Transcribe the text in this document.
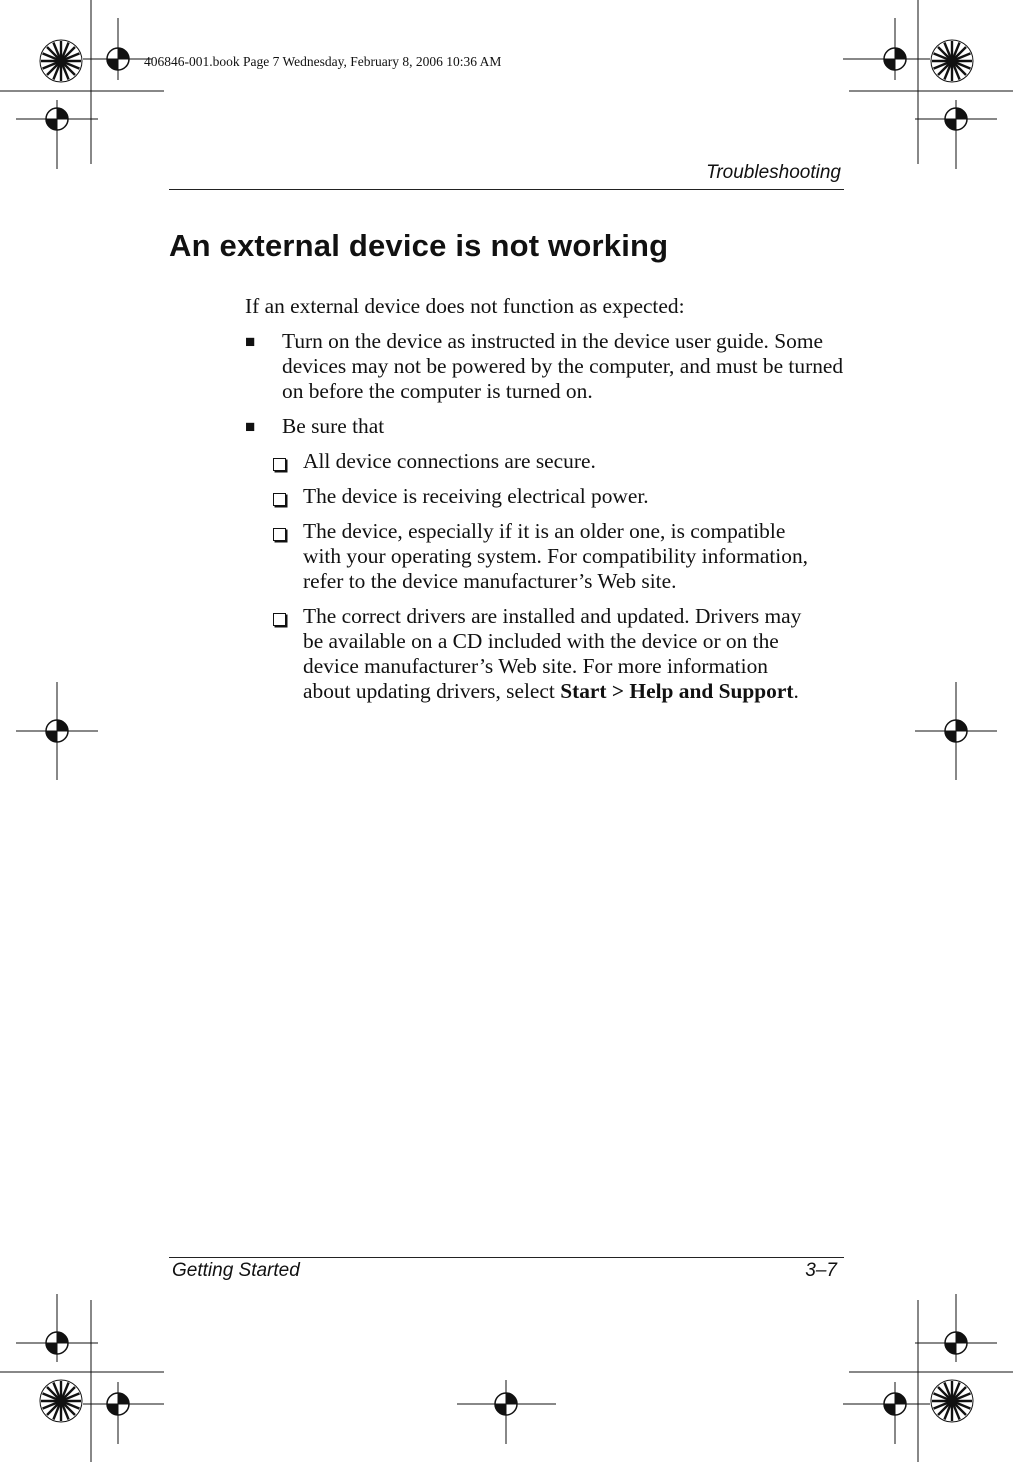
406846-001.book Page 7 Wednesday, February 8, 2006 10:36 AM
Troubleshooting
An external device is not working

If an external device does not function as expected:

■	Turn on the device as instructed in the device user guide. Some devices may not be powered by the computer, and must be turned on before the computer is turned on.
■	Be sure that
All device connections are secure.
The device is receiving electrical power.
The device, especially if it is an older one, is compatible with your operating system. For compatibility information, refer to the device manufacturer’s Web site.
The correct drivers are installed and updated. Drivers may be available on a CD included with the device or on the device manufacturer’s Web site. For more information about updating drivers, select Start > Help and Support.
Getting Started	3–7
